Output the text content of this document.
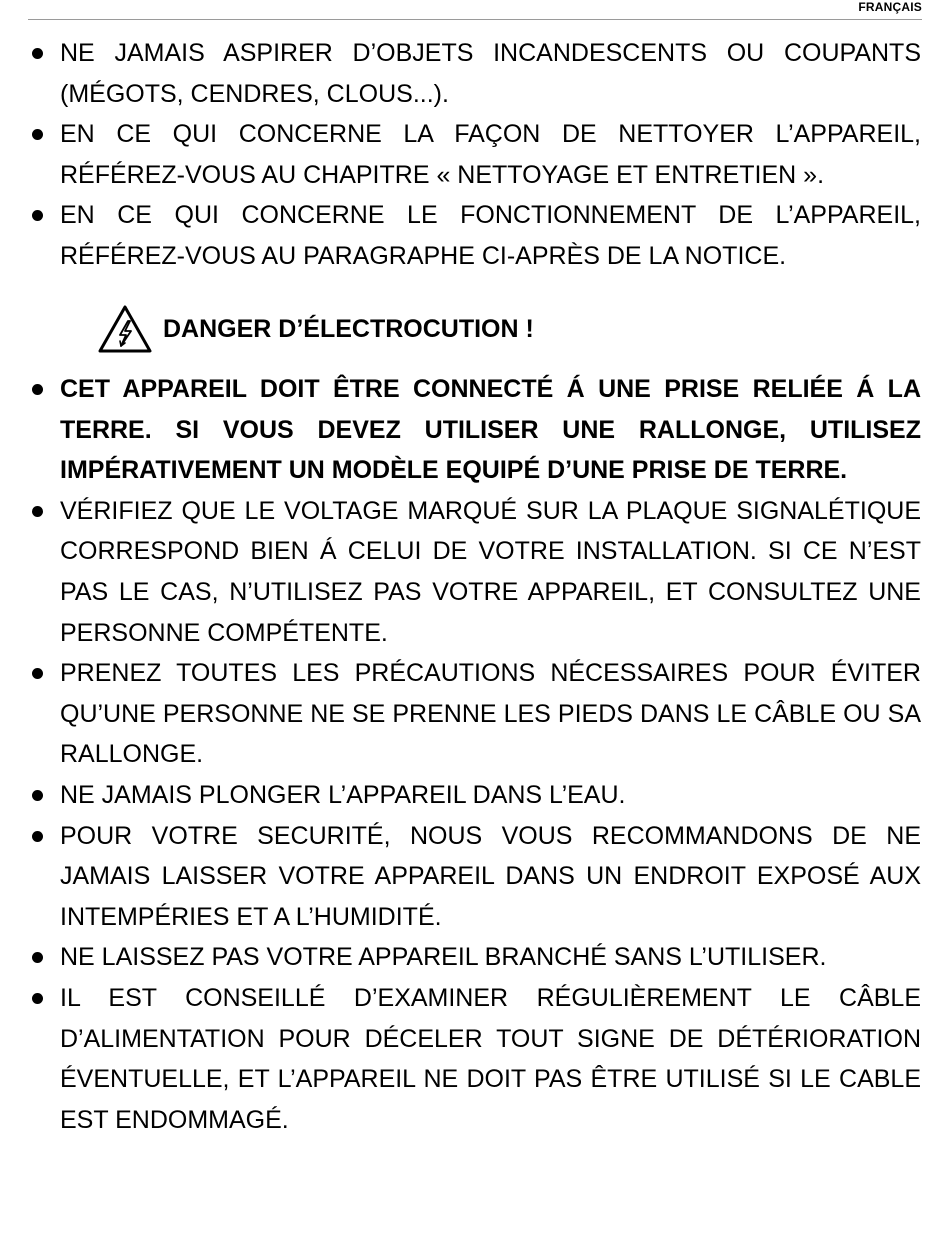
FRANÇAIS
NE JAMAIS ASPIRER D’OBJETS INCANDESCENTS OU COUPANTS (MÉGOTS, CENDRES, CLOUS...).
EN CE QUI CONCERNE LA FAÇON DE NETTOYER L’APPAREIL, RÉFÉREZ-VOUS AU CHAPITRE « NETTOYAGE ET ENTRETIEN ».
EN CE QUI CONCERNE LE FONCTIONNEMENT DE L’APPAREIL, RÉFÉREZ-VOUS AU PARAGRAPHE CI-APRÈS DE LA NOTICE.
DANGER D’ÉLECTROCUTION !
CET APPAREIL DOIT ÊTRE CONNECTÉ Á UNE PRISE RELIÉE Á LA TERRE. SI VOUS DEVEZ UTILISER UNE RALLONGE, UTILISEZ IMPÉRATIVEMENT UN MODÈLE EQUIPÉ D’UNE PRISE DE TERRE.
VÉRIFIEZ QUE LE VOLTAGE MARQUÉ SUR LA PLAQUE SIGNALÉTIQUE CORRESPOND BIEN Á CELUI DE VOTRE INSTALLATION. SI CE N’EST PAS LE CAS, N’UTILISEZ PAS VOTRE APPAREIL, ET CONSULTEZ UNE PERSONNE COMPÉTENTE.
PRENEZ TOUTES LES PRÉCAUTIONS NÉCESSAIRES POUR ÉVITER QU’UNE PERSONNE NE SE PRENNE LES PIEDS DANS LE CÂBLE OU SA RALLONGE.
NE JAMAIS PLONGER L’APPAREIL DANS L’EAU.
POUR VOTRE SECURITÉ, NOUS VOUS RECOMMANDONS DE NE JAMAIS LAISSER VOTRE APPAREIL DANS UN ENDROIT EXPOSÉ AUX INTEMPÉRIES ET A L’HUMIDITÉ.
NE LAISSEZ PAS VOTRE APPAREIL BRANCHÉ SANS L’UTILISER.
IL EST CONSEILLÉ D’EXAMINER RÉGULIÈREMENT LE CÂBLE D’ALIMENTATION POUR DÉCELER TOUT SIGNE DE DÉTÉRIORATION ÉVENTUELLE, ET L’APPAREIL NE DOIT PAS ÊTRE UTILISÉ SI LE CABLE EST ENDOMMAGÉ.
